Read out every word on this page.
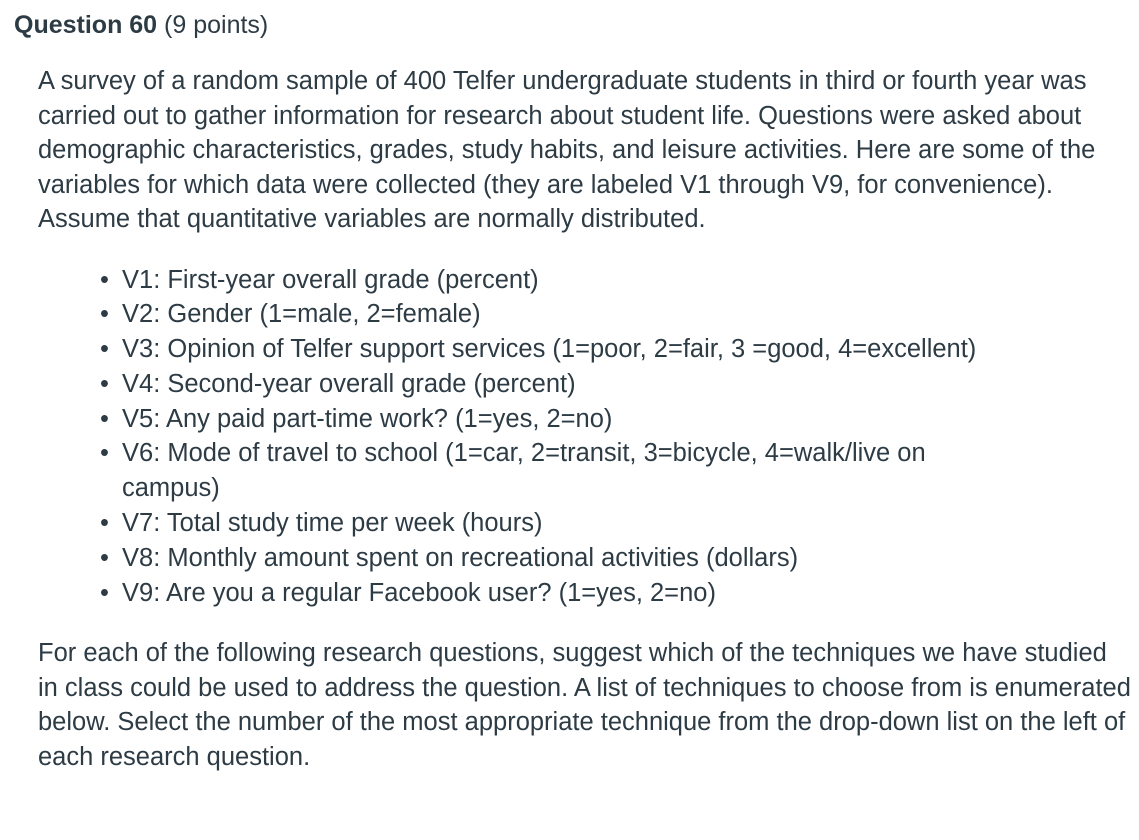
Question 60 (9 points)

A survey of a random sample of 400 Telfer undergraduate students in third or fourth year was carried out to gather information for research about student life. Questions were asked about demographic characteristics, grades, study habits, and leisure activities. Here are some of the variables for which data were collected (they are labeled V1 through V9, for convenience). Assume that quantitative variables are normally distributed.

• V1: First-year overall grade (percent)
• V2: Gender (1=male, 2=female)
• V3: Opinion of Telfer support services (1=poor, 2=fair, 3 =good, 4=excellent)
• V4: Second-year overall grade (percent)
• V5: Any paid part-time work? (1=yes, 2=no)
• V6: Mode of travel to school (1=car, 2=transit, 3=bicycle, 4=walk/live on campus)
• V7: Total study time per week (hours)
• V8: Monthly amount spent on recreational activities (dollars)
• V9: Are you a regular Facebook user? (1=yes, 2=no)

For each of the following research questions, suggest which of the techniques we have studied in class could be used to address the question. A list of techniques to choose from is enumerated below. Select the number of the most appropriate technique from the drop-down list on the left of each research question.
